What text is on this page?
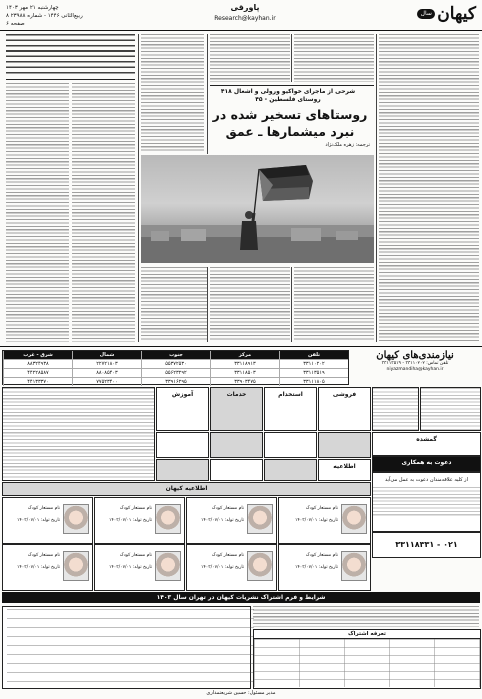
سال کیهان
پاورقی
Research@kayhan.ir
چهارشنبه ۲۱ مهر ۱۴۰۳
۸ ربیع‌الثانی ۱۴۴۶ - شماره ۲۳۹۸۸
صفحه ۶
شرحی از ماجرای خواکیو ورولی و اشغال ۴۱۸ روستای فلسطین - ۴۵
روستاهای تسخیر شده در نبرد میشمارها ـ عمق
ترجمه: زهره ملک‌نژاد
شرق - غرب	شمال	جنوب	مرکز	تلفن
۸۸۳۲۴۹۳۸	۲۲۷۲۱۸۰۳	۵۵۳۷۲۵۳۰	۳۳۱۱۸۹۱۳	۳۳۱۱۰۲۰۲
۴۴۲۲۸۵۸۷	۸۸۰۸۵۴۰۳	۵۵۶۲۳۲۹۲	۳۳۱۱۸۵۰۳	۳۳۱۱۳۵۱۹
۴۴۱۳۳۳۷۰	۷۷۵۲۳۴۰۰	۳۳۹۱۶۲۹۵	۳۳۹۰۳۴۷۵	۳۳۱۱۱۸۰۵
نیازمندی‌های کیهان
تلفن تماس: ۳۳۱۱۰۲۰۲ - ۳۳۱۱۳۵۱۹
niyazmandiha@kayhan.ir
گمشده
دعوت به همکاری
از کلیه علاقه‌مندان دعوت به عمل می‌آید
۳۳۱۱۸۳۳۱ - ۰۲۱
فروشی
استخدام
خدمات
آموزش
اطلاعیه
اطلاعیه کیهان
نام مستعار کودک
تاریخ تولد: ۱۴۰۳/۰۷/۰۱
نام مستعار کودک
تاریخ تولد: ۱۴۰۳/۰۷/۰۱
نام مستعار کودک
تاریخ تولد: ۱۴۰۳/۰۷/۰۱
نام مستعار کودک
تاریخ تولد: ۱۴۰۳/۰۷/۰۱
نام مستعار کودک
تاریخ تولد: ۱۴۰۳/۰۷/۰۱
نام مستعار کودک
تاریخ تولد: ۱۴۰۳/۰۷/۰۱
نام مستعار کودک
تاریخ تولد: ۱۴۰۳/۰۷/۰۱
نام مستعار کودک
تاریخ تولد: ۱۴۰۳/۰۷/۰۱
شرایط و فرم اشتراک نشریات کیهان در تهران سال ۱۴۰۳
تعرفه اشتراک
مدیر مسئول: حسین شریعتمداری
